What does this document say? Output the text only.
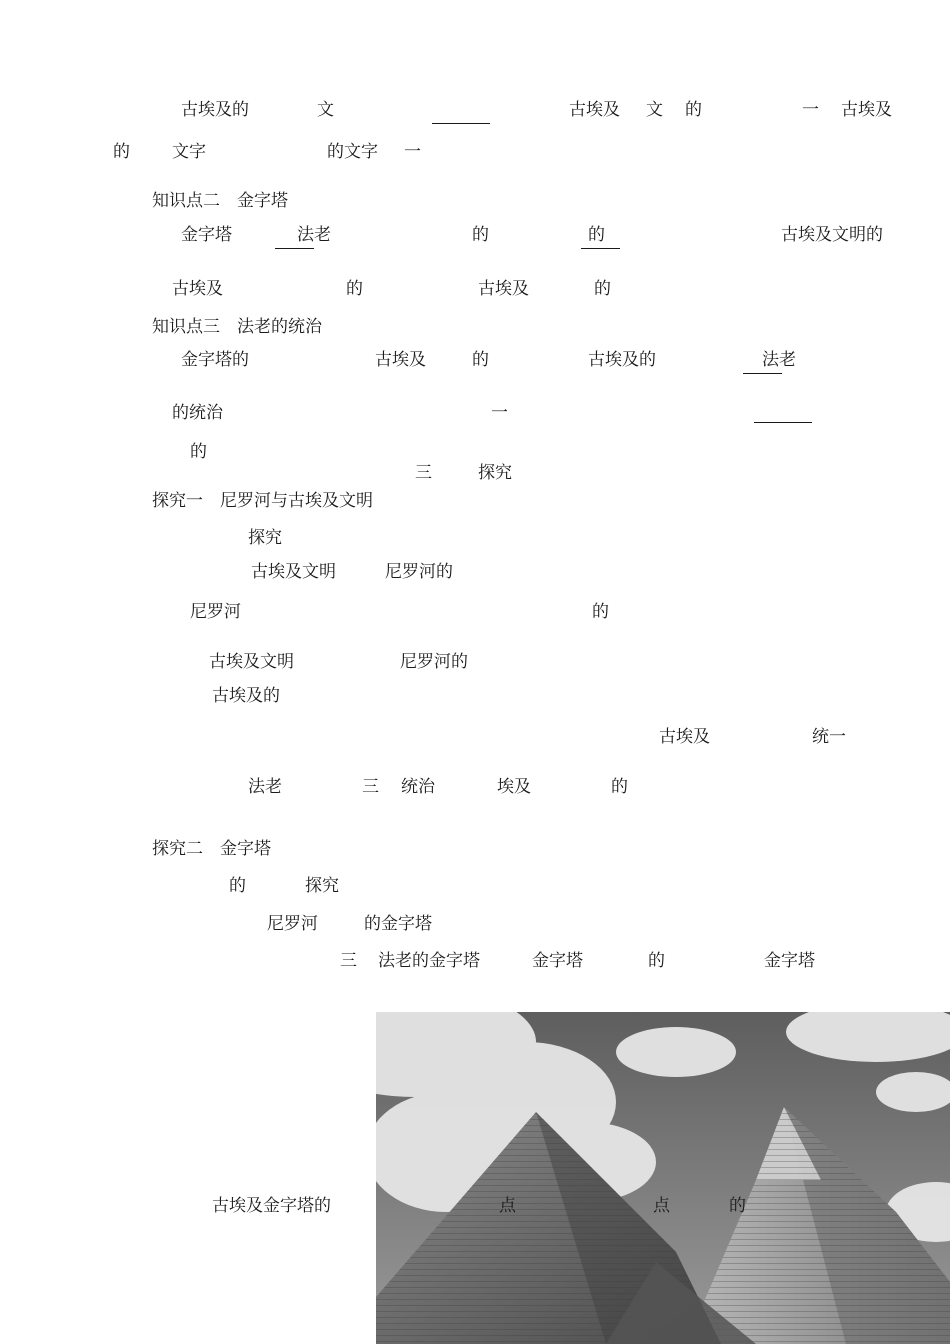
古埃及的	文	古埃及 文 的	一 古埃及
的 文字	的文字 一
知识点二　金字塔
金字塔	法老	的	的	古埃及文明的
古埃及	的	古埃及	的
知识点三　法老的统治
金字塔的	古埃及	的	古埃及的	法老
的统治	一
的
三	探究
探究一　尼罗河与古埃及文明
探究
古埃及文明	尼罗河的
尼罗河	的
古埃及文明	尼罗河的
古埃及的
古埃及	统一
法老	三 统治	埃及	的
探究二　金字塔
的	探究
尼罗河	的金字塔
三 法老的金字塔	金字塔	的	金字塔
古埃及金字塔的	点	点	的
